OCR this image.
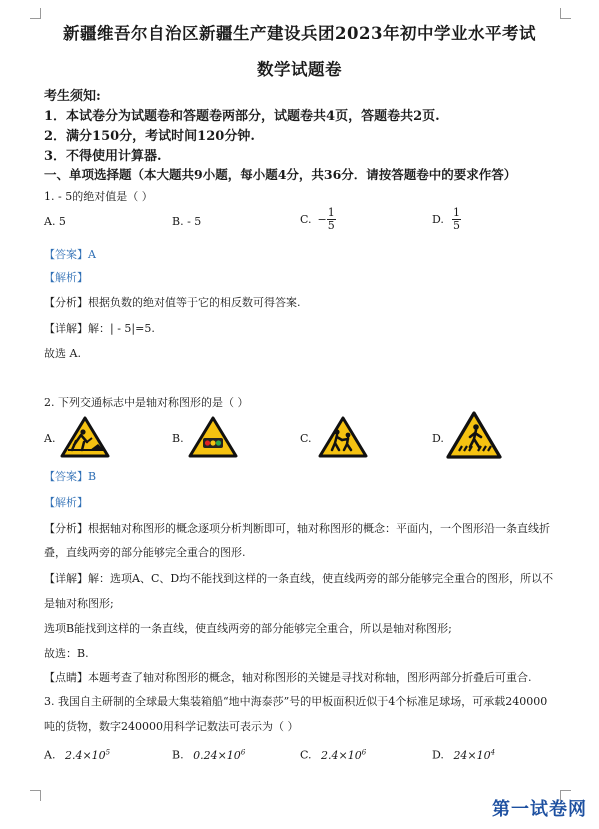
新疆维吾尔自治区新疆生产建设兵团2023年初中学业水平考试
数学试题卷
考生须知:
1．本试卷分为试题卷和答题卷两部分，试题卷共4页，答题卷共2页.
2．满分150分，考试时间120分钟.
3．不得使用计算器.
一、单项选择题（本大题共9小题，每小题4分，共36分．请按答题卷中的要求作答）
1. - 5的绝对值是（ ）
A. 5	B. - 5	C. − $\frac{1}{5}$	D. $\frac{1}{5}$
【答案】A
【解析】
【分析】根据负数的绝对值等于它的相反数可得答案.
【详解】解：| - 5|=5.
故选 A.
2. 下列交通标志中是轴对称图形的是（ ）
A.	B.	C.	D.
【答案】B
【解析】
【分析】根据轴对称图形的概念逐项分析判断即可，轴对称图形的概念：平面内，一个图形沿一条直线折
叠，直线两旁的部分能够完全重合的图形.
【详解】解：选项A、C、D均不能找到这样的一条直线，使直线两旁的部分能够完全重合的图形，所以不
是轴对称图形;
选项B能找到这样的一条直线，使直线两旁的部分能够完全重合，所以是轴对称图形;
故选：B.
【点睛】本题考查了轴对称图形的概念，轴对称图形的关键是寻找对称轴，图形两部分折叠后可重合.
3. 我国自主研制的全球最大集装箱船“地中海泰莎”号的甲板面积近似于4个标准足球场，可承载240000
吨的货物，数字240000用科学记数法可表示为（ ）
A. $2.4\times 10^5$	B. $0.24\times 10^6$	C. $2.4\times 10^6$	D. $24\times 10^4$
第一试卷网
